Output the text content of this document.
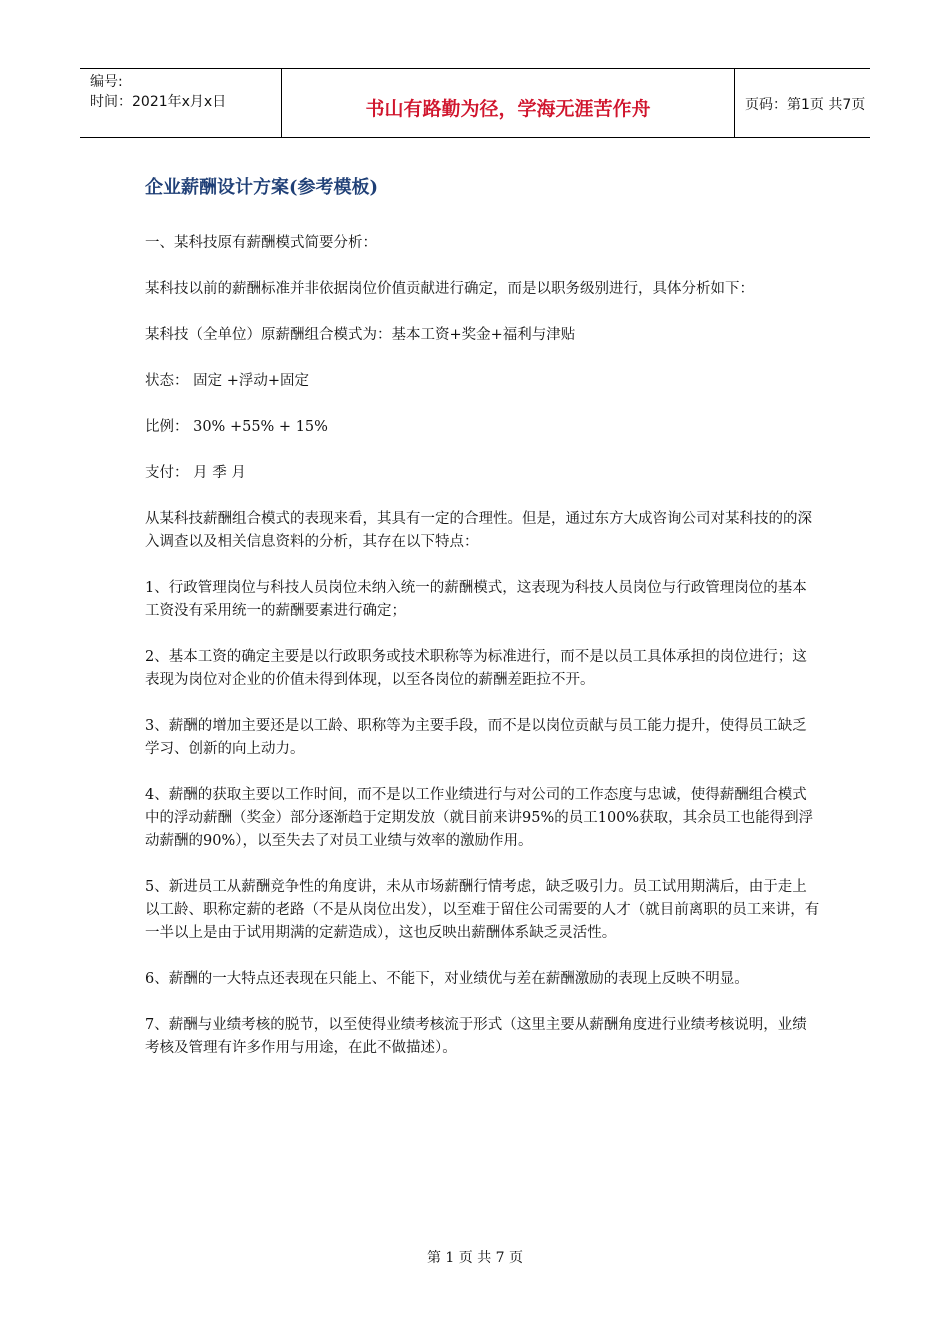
编号:
时间：2021年x月x日	书山有路勤为径，学海无涯苦作舟	页码：第1页 共7页
企业薪酬设计方案(参考模板)

一、某科技原有薪酬模式简要分析：

某科技以前的薪酬标准并非依据岗位价值贡献进行确定，而是以职务级别进行，具体分析如下：

某科技（全单位）原薪酬组合模式为：基本工资+奖金+福利与津贴

状态： 固定 +浮动+固定

比例： 30% +55% + 15%

支付： 月 季 月

从某科技薪酬组合模式的表现来看，其具有一定的合理性。但是，通过东方大成咨询公司对某科技的的深入调查以及相关信息资料的分析，其存在以下特点：

1、行政管理岗位与科技人员岗位未纳入统一的薪酬模式，这表现为科技人员岗位与行政管理岗位的基本工资没有采用统一的薪酬要素进行确定；

2、基本工资的确定主要是以行政职务或技术职称等为标准进行，而不是以员工具体承担的岗位进行；这表现为岗位对企业的价值未得到体现，以至各岗位的薪酬差距拉不开。

3、薪酬的增加主要还是以工龄、职称等为主要手段，而不是以岗位贡献与员工能力提升，使得员工缺乏学习、创新的向上动力。

4、薪酬的获取主要以工作时间，而不是以工作业绩进行与对公司的工作态度与忠诚，使得薪酬组合模式中的浮动薪酬（奖金）部分逐渐趋于定期发放（就目前来讲95%的员工100%获取，其余员工也能得到浮动薪酬的90%），以至失去了对员工业绩与效率的激励作用。

5、新进员工从薪酬竞争性的角度讲，未从市场薪酬行情考虑，缺乏吸引力。员工试用期满后，由于走上以工龄、职称定薪的老路（不是从岗位出发），以至难于留住公司需要的人才（就目前离职的员工来讲，有一半以上是由于试用期满的定薪造成），这也反映出薪酬体系缺乏灵活性。

6、薪酬的一大特点还表现在只能上、不能下，对业绩优与差在薪酬激励的表现上反映不明显。

7、薪酬与业绩考核的脱节，以至使得业绩考核流于形式（这里主要从薪酬角度进行业绩考核说明，业绩考核及管理有许多作用与用途，在此不做描述）。

第 1 页 共 7 页
